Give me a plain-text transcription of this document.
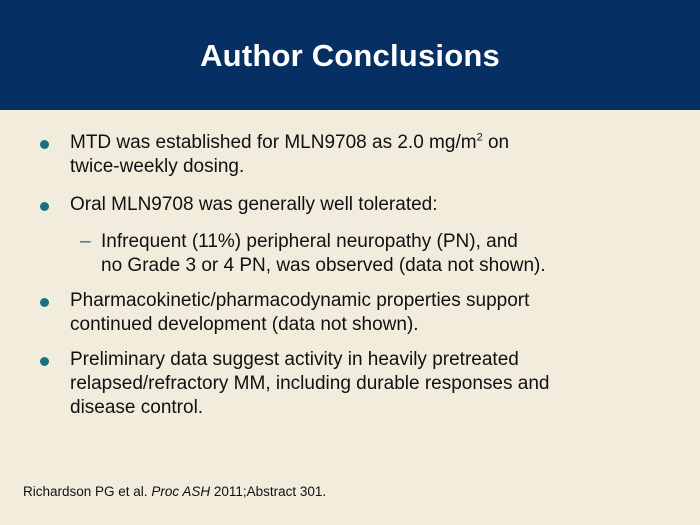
Author Conclusions
MTD was established for MLN9708 as 2.0 $mg/m^2$ on
twice-weekly dosing.
Oral MLN9708 was generally well tolerated:
– Infrequent (11%) peripheral neuropathy (PN), and
no Grade 3 or 4 PN, was observed (data not shown).
Pharmacokinetic/pharmacodynamic properties support
continued development (data not shown).
Preliminary data suggest activity in heavily pretreated
relapsed/refractory MM, including durable responses and
disease control.
Richardson PG et al. Proc ASH 2011;Abstract 301.
